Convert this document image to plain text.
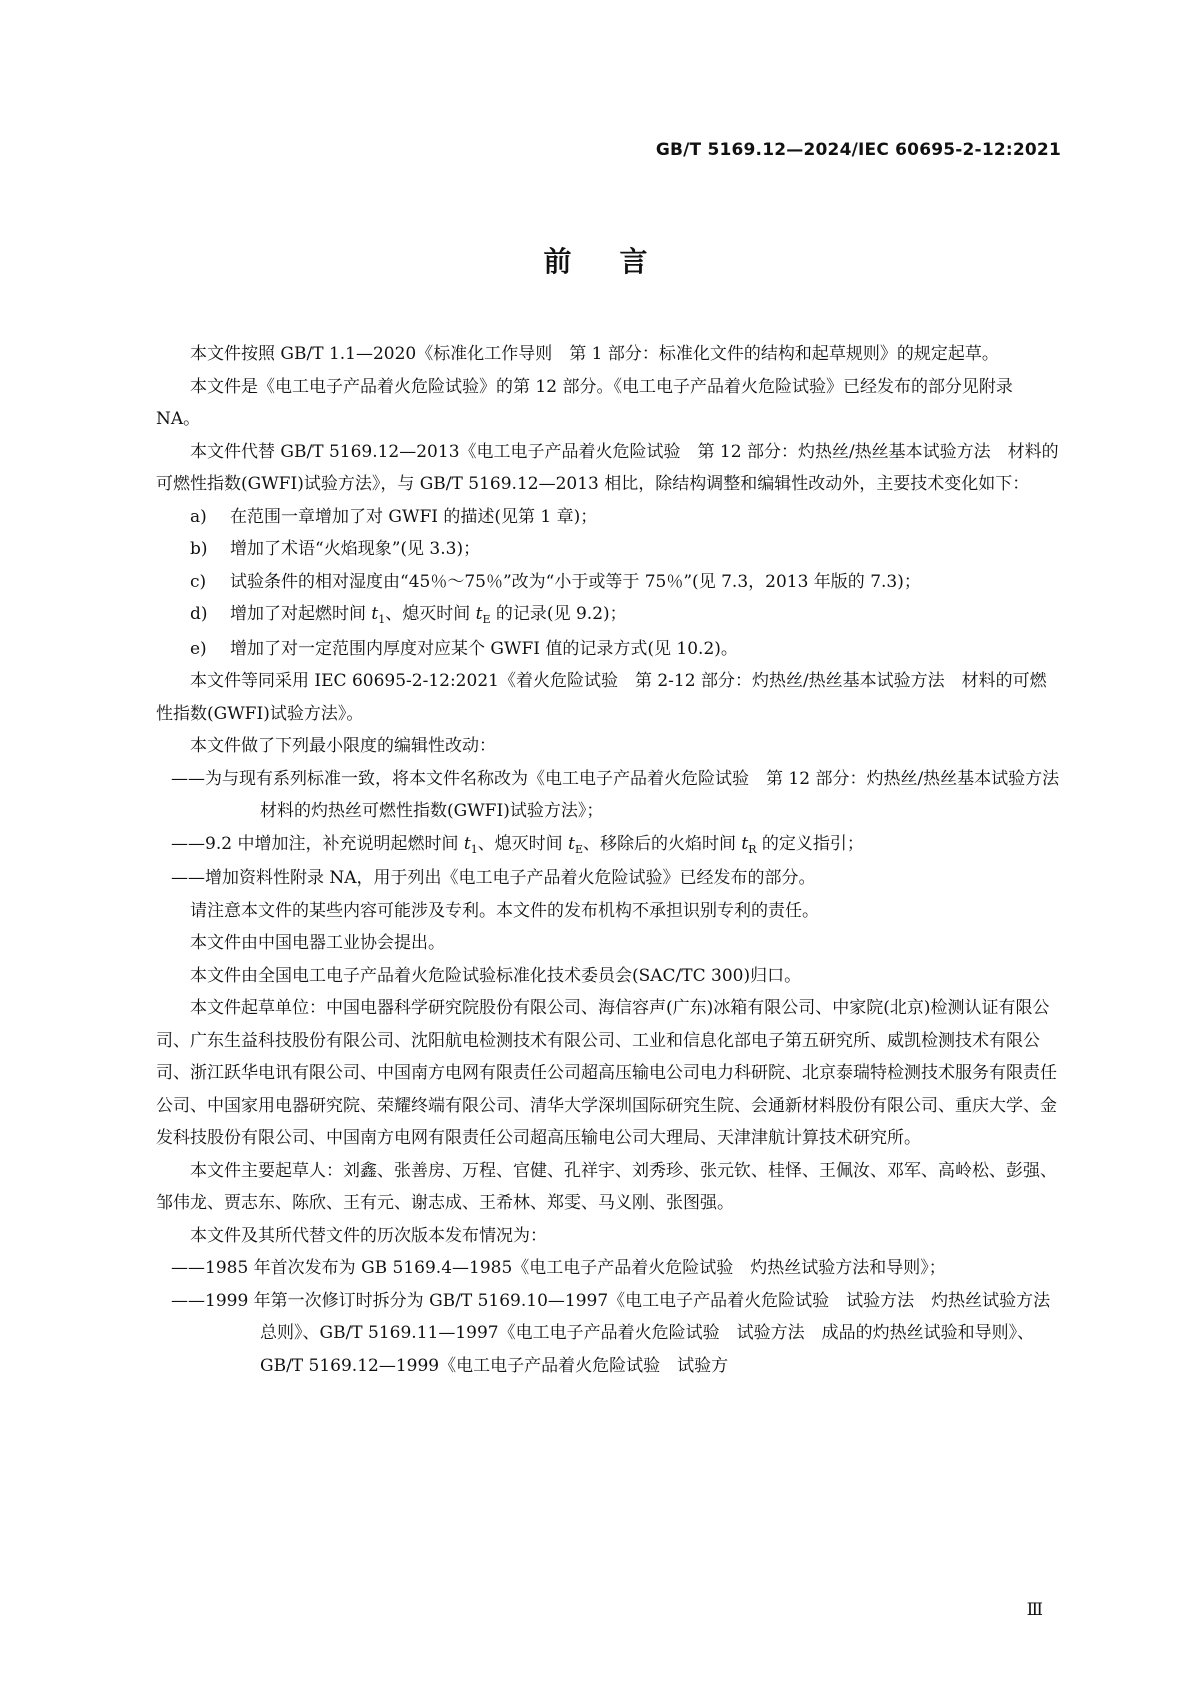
GB/T 5169.12—2024/IEC 60695-2-12:2021
前 言

本文件按照 GB/T 1.1—2020《标准化工作导则　第 1 部分：标准化文件的结构和起草规则》的规定起草。

本文件是《电工电子产品着火危险试验》的第 12 部分。《电工电子产品着火危险试验》已经发布的部分见附录 NA。

本文件代替 GB/T 5169.12—2013《电工电子产品着火危险试验　第 12 部分：灼热丝/热丝基本试验方法　材料的可燃性指数(GWFI)试验方法》，与 GB/T 5169.12—2013 相比，除结构调整和编辑性改动外，主要技术变化如下：

a) 在范围一章增加了对 GWFI 的描述(见第 1 章)；

b) 增加了术语“火焰现象”(见 3.3)；

c) 试验条件的相对湿度由“45％～75％”改为“小于或等于 75％”(见 7.3，2013 年版的 7.3)；

d) 增加了对起燃时间 $t_1$、熄灭时间 $t_E$ 的记录(见 9.2)；

e) 增加了对一定范围内厚度对应某个 GWFI 值的记录方式(见 10.2)。

本文件等同采用 IEC 60695-2-12:2021《着火危险试验　第 2-12 部分：灼热丝/热丝基本试验方法　材料的可燃性指数(GWFI)试验方法》。

本文件做了下列最小限度的编辑性改动：

——为与现有系列标准一致，将本文件名称改为《电工电子产品着火危险试验　第 12 部分：灼热丝/热丝基本试验方法　材料的灼热丝可燃性指数(GWFI)试验方法》；

——9.2 中增加注，补充说明起燃时间 $t_1$、熄灭时间 $t_E$、移除后的火焰时间 $t_R$ 的定义指引；

——增加资料性附录 NA，用于列出《电工电子产品着火危险试验》已经发布的部分。

请注意本文件的某些内容可能涉及专利。本文件的发布机构不承担识别专利的责任。

本文件由中国电器工业协会提出。

本文件由全国电工电子产品着火危险试验标准化技术委员会(SAC/TC 300)归口。

本文件起草单位：中国电器科学研究院股份有限公司、海信容声(广东)冰箱有限公司、中家院(北京)检测认证有限公司、广东生益科技股份有限公司、沈阳航电检测技术有限公司、工业和信息化部电子第五研究所、威凯检测技术有限公司、浙江跃华电讯有限公司、中国南方电网有限责任公司超高压输电公司电力科研院、北京泰瑞特检测技术服务有限责任公司、中国家用电器研究院、荣耀终端有限公司、清华大学深圳国际研究生院、会通新材料股份有限公司、重庆大学、金发科技股份有限公司、中国南方电网有限责任公司超高压输电公司大理局、天津津航计算技术研究所。

本文件主要起草人：刘鑫、张善房、万程、官健、孔祥宇、刘秀珍、张元钦、桂怿、王佩汝、邓军、高岭松、彭强、邹伟龙、贾志东、陈欣、王有元、谢志成、王希林、郑雯、马义刚、张图强。

本文件及其所代替文件的历次版本发布情况为：

——1985 年首次发布为 GB 5169.4—1985《电工电子产品着火危险试验　灼热丝试验方法和导则》；

——1999 年第一次修订时拆分为 GB/T 5169.10—1997《电工电子产品着火危险试验　试验方法　灼热丝试验方法　总则》、GB/T 5169.11—1997《电工电子产品着火危险试验　试验方法　成品的灼热丝试验和导则》、GB/T 5169.12—1999《电工电子产品着火危险试验　试验方

Ⅲ
